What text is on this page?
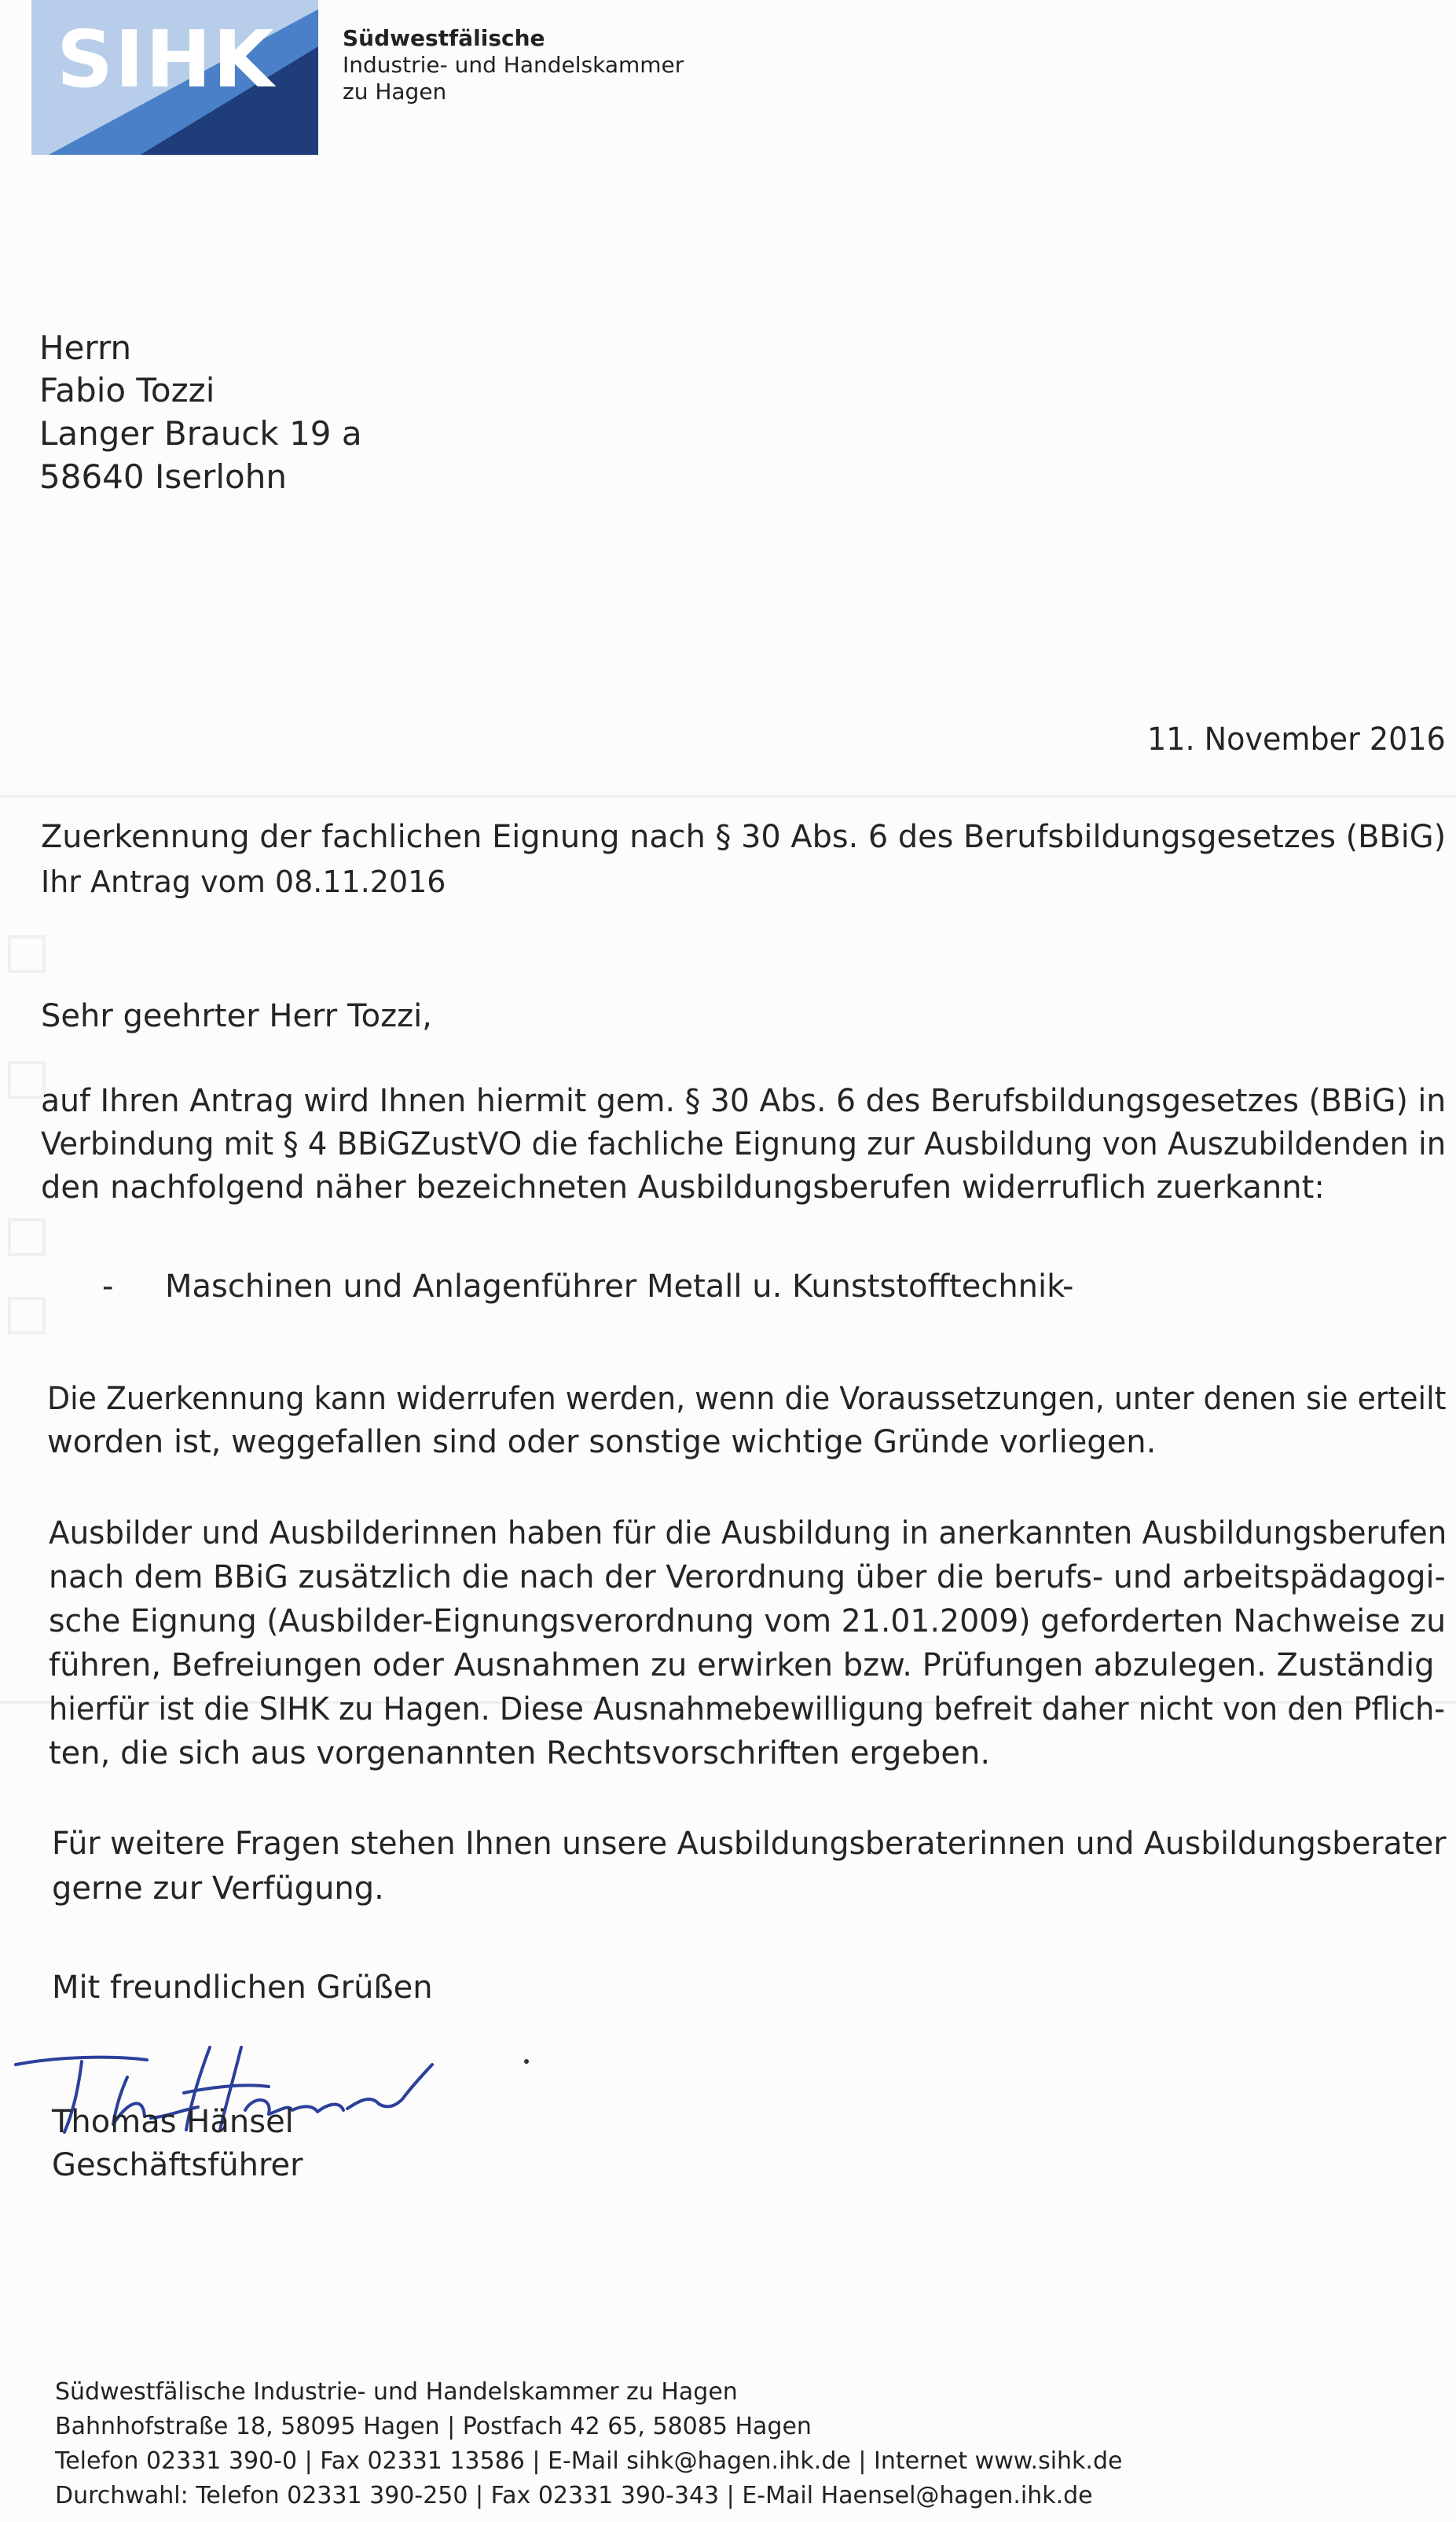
SIHK	Südwestfälische
Industrie- und Handelskammer
zu Hagen
Herrn
Fabio Tozzi
Langer Brauck 19 a
58640 Iserlohn
11. November 2016
Zuerkennung der fachlichen Eignung nach § 30 Abs. 6 des Berufsbildungsgesetzes (BBiG)
Ihr Antrag vom 08.11.2016
Sehr geehrter Herr Tozzi,
auf Ihren Antrag wird Ihnen hiermit gem. § 30 Abs. 6 des Berufsbildungsgesetzes (BBiG) in
Verbindung mit § 4 BBiGZustVO die fachliche Eignung zur Ausbildung von Auszubildenden in
den nachfolgend näher bezeichneten Ausbildungsberufen widerruflich zuerkannt:
- Maschinen und Anlagenführer Metall u. Kunststofftechnik
-
Die Zuerkennung kann widerrufen werden, wenn die Voraussetzungen, unter denen sie erteilt
worden ist, weggefallen sind oder sonstige wichtige Gründe vorliegen.
Ausbilder und Ausbilderinnen haben für die Ausbildung in anerkannten Ausbildungsberufen
nach dem BBiG zusätzlich die nach der Verordnung über die berufs- und arbeitspädagogi-
sche Eignung (Ausbilder-Eignungsverordnung vom 21.01.2009) geforderten Nachweise zu
führen, Befreiungen oder Ausnahmen zu erwirken bzw. Prüfungen abzulegen. Zuständig
hierfür ist die SIHK zu Hagen. Diese Ausnahmebewilligung befreit daher nicht von den Pflich-
ten, die sich aus vorgenannten Rechtsvorschriften ergeben.
Für weitere Fragen stehen Ihnen unsere Ausbildungsberaterinnen und Ausbildungsberater
gerne zur Verfügung.
Mit freundlichen Grüßen
Thomas Hänsel
Geschäftsführer
Südwestfälische Industrie- und Handelskammer zu Hagen
Bahnhofstraße 18, 58095 Hagen | Postfach 42 65, 58085 Hagen
Telefon 02331 390-0 | Fax 02331 13586 | E-Mail sihk@hagen.ihk.de | Internet www.sihk.de
Durchwahl: Telefon 02331 390-250 | Fax 02331 390-343 | E-Mail Haensel@hagen.ihk.de
